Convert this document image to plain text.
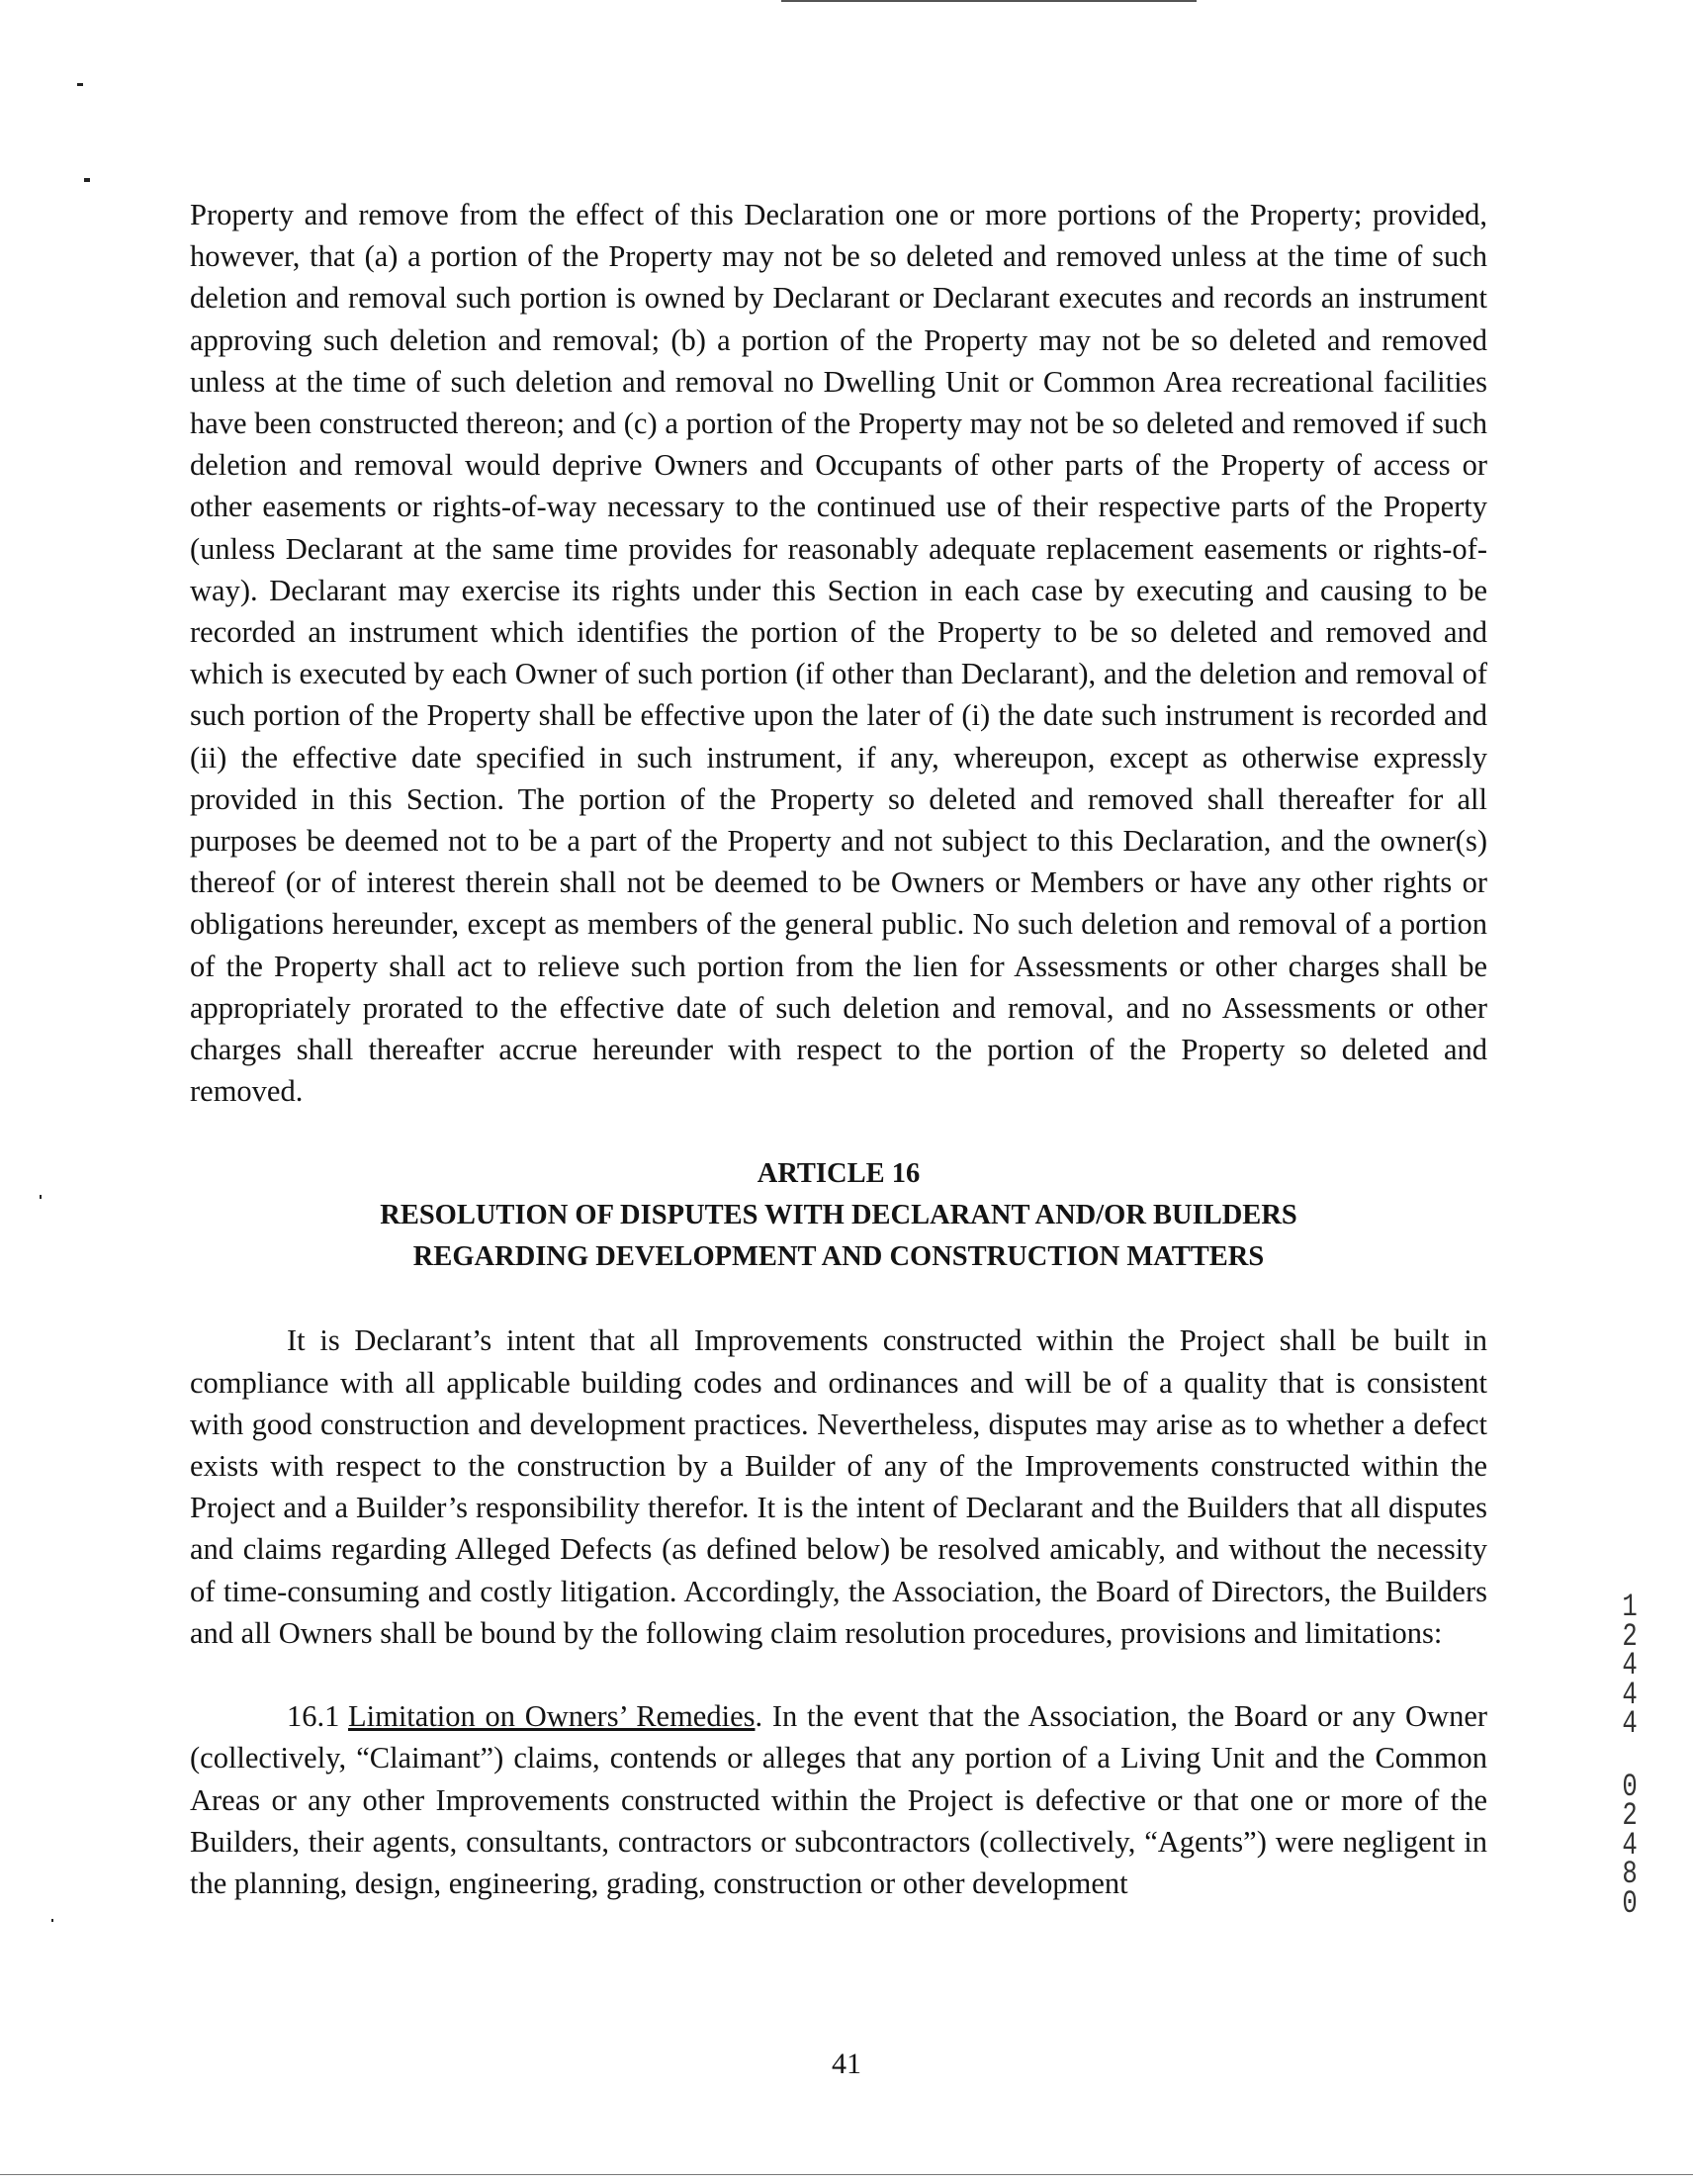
Property and remove from the effect of this Declaration one or more portions of the Property; provided, however, that (a) a portion of the Property may not be so deleted and removed unless at the time of such deletion and removal such portion is owned by Declarant or Declarant executes and records an instrument approving such deletion and removal; (b) a portion of the Property may not be so deleted and removed unless at the time of such deletion and removal no Dwelling Unit or Common Area recreational facilities have been constructed thereon; and (c) a portion of the Property may not be so deleted and removed if such deletion and removal would deprive Owners and Occupants of other parts of the Property of access or other easements or rights-of-way necessary to the continued use of their respective parts of the Property (unless Declarant at the same time provides for reasonably adequate replacement easements or rights-of-way). Declarant may exercise its rights under this Section in each case by executing and causing to be recorded an instrument which identifies the portion of the Property to be so deleted and removed and which is executed by each Owner of such portion (if other than Declarant), and the deletion and removal of such portion of the Property shall be effective upon the later of (i) the date such instrument is recorded and (ii) the effective date specified in such instrument, if any, whereupon, except as otherwise expressly provided in this Section. The portion of the Property so deleted and removed shall thereafter for all purposes be deemed not to be a part of the Property and not subject to this Declaration, and the owner(s) thereof (or of interest therein shall not be deemed to be Owners or Members or have any other rights or obligations hereunder, except as members of the general public. No such deletion and removal of a portion of the Property shall act to relieve such portion from the lien for Assessments or other charges shall be appropriately prorated to the effective date of such deletion and removal, and no Assessments or other charges shall thereafter accrue hereunder with respect to the portion of the Property so deleted and removed.

ARTICLE 16
RESOLUTION OF DISPUTES WITH DECLARANT AND/OR BUILDERS
REGARDING DEVELOPMENT AND CONSTRUCTION MATTERS

It is Declarant’s intent that all Improvements constructed within the Project shall be built in compliance with all applicable building codes and ordinances and will be of a quality that is consistent with good construction and development practices. Nevertheless, disputes may arise as to whether a defect exists with respect to the construction by a Builder of any of the Improvements constructed within the Project and a Builder’s responsibility therefor. It is the intent of Declarant and the Builders that all disputes and claims regarding Alleged Defects (as defined below) be resolved amicably, and without the necessity of time-consuming and costly litigation. Accordingly, the Association, the Board of Directors, the Builders and all Owners shall be bound by the following claim resolution procedures, provisions and limitations:

16.1 Limitation on Owners’ Remedies. In the event that the Association, the Board or any Owner (collectively, “Claimant”) claims, contends or alleges that any portion of a Living Unit and the Common Areas or any other Improvements constructed within the Project is defective or that one or more of the Builders, their agents, consultants, contractors or subcontractors (collectively, “Agents”) were negligent in the planning, design, engineering, grading, construction or other development

1
2
4
4
4
0
2
4
8
0
41
